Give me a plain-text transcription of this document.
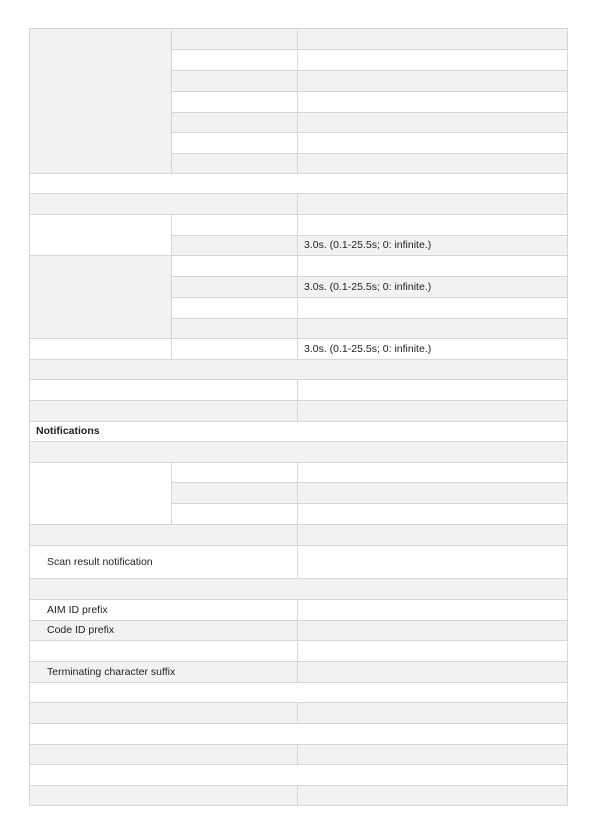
3.0s. (0.1-25.5s; 0: infinite.)
3.0s. (0.1-25.5s; 0: infinite.)
3.0s. (0.1-25.5s; 0: infinite.)
Notifications
Scan result notification
AIM ID prefix
Code ID prefix
Terminating character suffix
